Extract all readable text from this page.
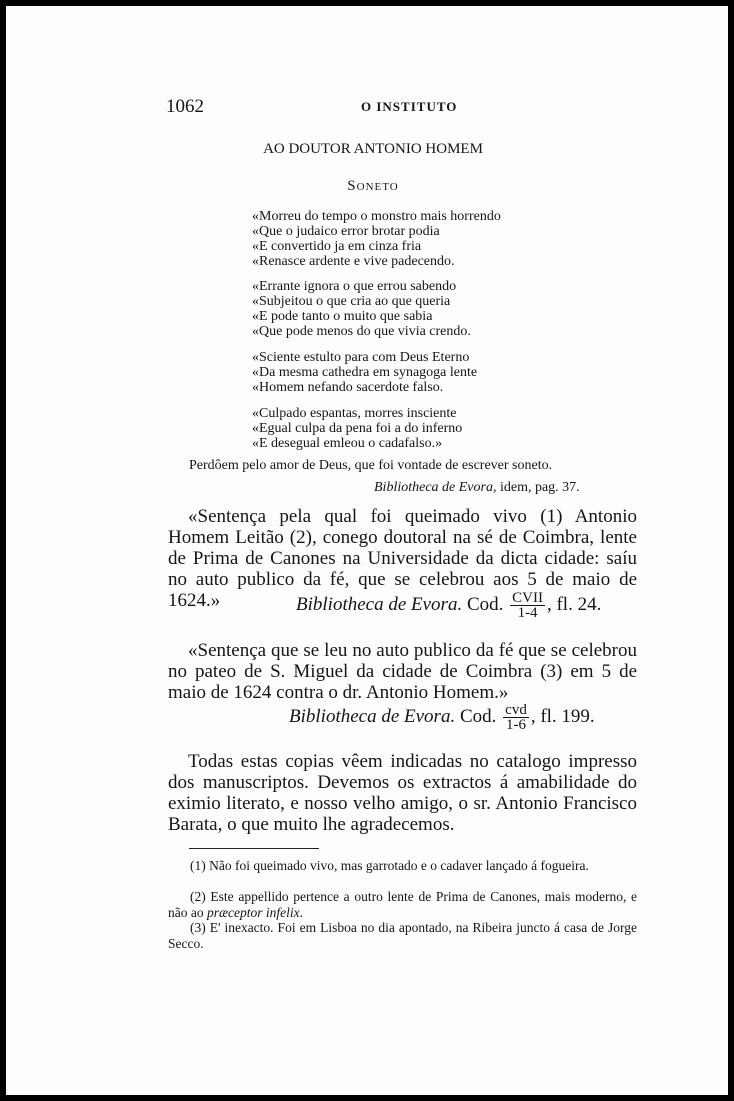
1062	O INSTITUTO
AO DOUTOR ANTONIO HOMEM
Soneto
«Morreu do tempo o monstro mais horrendo
«Que o judaico error brotar podia
«E convertido ja em cinza fria
«Renasce ardente e vive padecendo.
«Errante ignora o que errou sabendo
«Subjeitou o que cria ao que queria
«E pode tanto o muito que sabia
«Que pode menos do que vivia crendo.
«Sciente estulto para com Deus Eterno
«Da mesma cathedra em synagoga lente
«Homem nefando sacerdote falso.
«Culpado espantas, morres insciente
«Egual culpa da pena foi a do inferno
«E desegual emleou o cadafalso.»
Perdôem pelo amor de Deus, que foi vontade de escrever soneto.
Bibliotheca de Evora, idem, pag. 37.
«Sentença pela qual foi queimado vivo (1) Antonio Homem Leitão (2), conego doutoral na sé de Coimbra, lente de Prima de Canones na Universidade da dicta cidade: saíu no auto publico da fé, que se celebrou aos 5 de maio de 1624.»	Bibliotheca de Evora. Cod. $\frac{\text{CVII}}{1-4}$ , fl. 24.
«Sentença que se leu no auto publico da fé que se celebrou no pateo de S. Miguel da cidade de Coimbra (3) em 5 de maio de 1624 contra o dr. Antonio Homem.»
Bibliotheca de Evora. Cod. $\frac{\text{cvd}}{1-6}$ , fl. 199.
Todas estas copias vêem indicadas no catalogo impresso dos manuscriptos. Devemos os extractos á amabilidade do eximio literato, e nosso velho amigo, o sr. Antonio Francisco Barata, o que muito lhe agradecemos.
(1) Não foi queimado vivo, mas garrotado e o cadaver lançado á fogueira.
(2) Este appellido pertence a outro lente de Prima de Canones, mais moderno, e não ao præceptor infelix.
(3) E' inexacto. Foi em Lisboa no dia apontado, na Ribeira juncto á casa de Jorge Secco.
